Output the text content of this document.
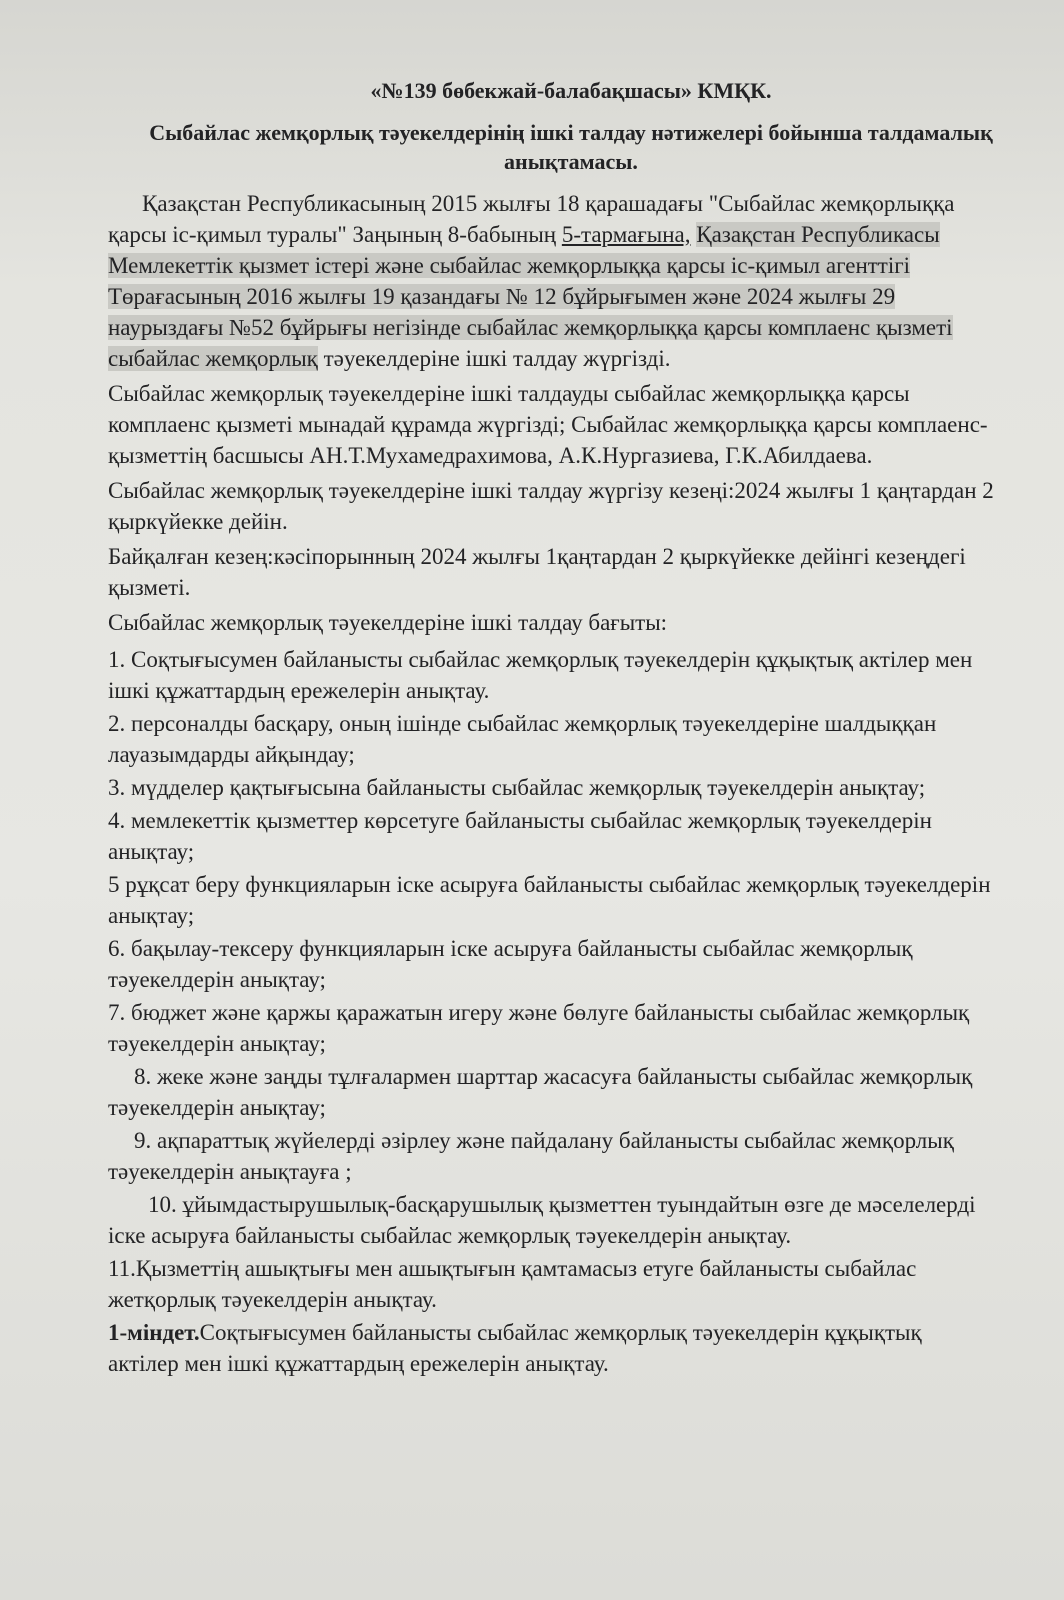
«№139 бөбекжай-балабақшасы» КМҚК.

Сыбайлас жемқорлық тәуекелдерінің ішкі талдау нәтижелері бойынша талдамалық анықтамасы.

Қазақстан Республикасының 2015 жылғы 18 қарашадағы "Сыбайлас жемқорлыққа қарсы іс-қимыл туралы" Заңының 8-бабының 5-тармағына, Қазақстан Республикасы Мемлекеттік қызмет істері және сыбайлас жемқорлыққа қарсы іс-қимыл агенттігі Төрағасының 2016 жылғы 19 қазандағы № 12 бұйрығымен және 2024 жылғы 29 наурыздағы №52 бұйрығы негізінде сыбайлас жемқорлыққа қарсы комплаенс қызметі сыбайлас жемқорлық тәуекелдеріне ішкі талдау жүргізді.

Сыбайлас жемқорлық тәуекелдеріне ішкі талдауды сыбайлас жемқорлыққа қарсы комплаенс қызметі мынадай құрамда жүргізді; Сыбайлас жемқорлыққа қарсы комплаенс-қызметтің басшысы АН.Т.Мухамедрахимова, А.К.Нургазиева, Г.К.Абилдаева.

Сыбайлас жемқорлық тәуекелдеріне ішкі талдау жүргізу кезеңі:2024 жылғы 1 қаңтардан 2 қыркүйекке дейін.

Байқалған кезең:кәсіпорынның 2024 жылғы 1қаңтардан 2 қыркүйекке дейінгі кезеңдегі қызметі.

Сыбайлас жемқорлық тәуекелдеріне ішкі талдау бағыты:

1. Соқтығысумен байланысты сыбайлас жемқорлық тәуекелдерін құқықтық актілер мен ішкі құжаттардың ережелерін анықтау.

2. персоналды басқару, оның ішінде сыбайлас жемқорлық тәуекелдеріне шалдыққан лауазымдарды айқындау;

3. мүдделер қақтығысына байланысты сыбайлас жемқорлық тәуекелдерін анықтау;

4. мемлекеттік қызметтер көрсетуге байланысты сыбайлас жемқорлық тәуекелдерін анықтау;

5 рұқсат беру функцияларын іске асыруға байланысты сыбайлас жемқорлық тәуекелдерін анықтау;

6. бақылау-тексеру функцияларын іске асыруға байланысты сыбайлас жемқорлық тәуекелдерін анықтау;

7. бюджет және қаржы қаражатын игеру және бөлуге байланысты сыбайлас жемқорлық тәуекелдерін анықтау;

8. жеке және заңды тұлғалармен шарттар жасасуға байланысты сыбайлас жемқорлық тәуекелдерін анықтау;

9. ақпараттық жүйелерді әзірлеу және пайдалану байланысты сыбайлас жемқорлық тәуекелдерін анықтауға ;

10. ұйымдастырушылық-басқарушылық қызметтен туындайтын өзге де мәселелерді іске асыруға байланысты сыбайлас жемқорлық тәуекелдерін анықтау.

11.Қызметтің ашықтығы мен ашықтығын қамтамасыз етуге байланысты сыбайлас жетқорлық тәуекелдерін анықтау.

1-міндет.Соқтығысумен байланысты сыбайлас жемқорлық тәуекелдерін құқықтық актілер мен ішкі құжаттардың ережелерін анықтау.
